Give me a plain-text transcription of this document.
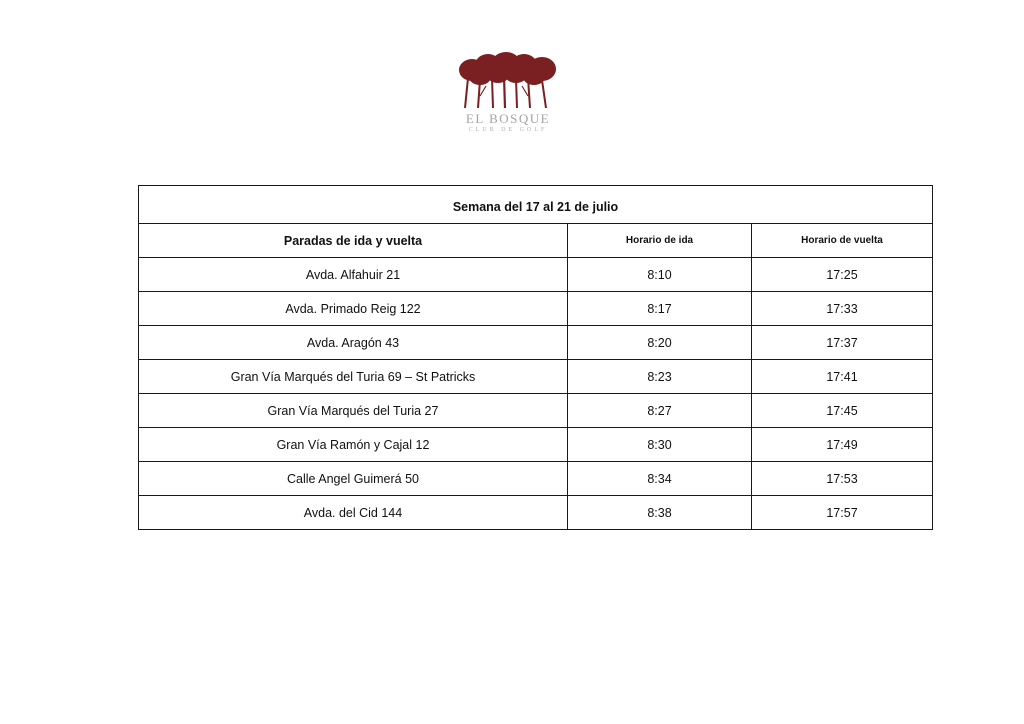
EL BOSQUE
CLUB DE GOLF
Semana del 17 al 21 de julio		
Paradas de ida y vuelta	Horario de ida	Horario de vuelta
Avda. Alfahuir 21	8:10	17:25
Avda. Primado Reig 122	8:17	17:33
Avda. Aragón 43	8:20	17:37
Gran Vía Marqués del Turia 69 – St Patricks	8:23	17:41
Gran Vía Marqués del Turia 27	8:27	17:45
Gran Vía Ramón y Cajal 12	8:30	17:49
Calle Angel Guimerá 50	8:34	17:53
Avda. del Cid 144	8:38	17:57
